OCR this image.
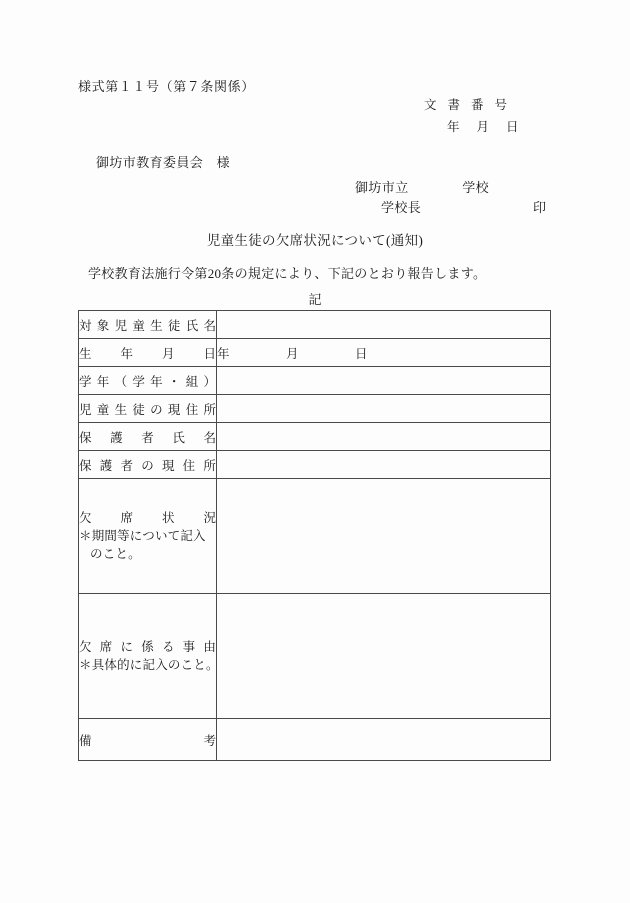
様式第１１号（第７条関係）
文書番号
年月日
御坊市教育委員会　様
御坊市立　　　　学校
学校長	印
児童生徒の欠席状況について(通知)
学校教育法施行令第20条の規定により、下記のとおり報告します。
記
対 象 児 童 生 徒 氏 名

生 年 月 日	年　月　日

学 年 （ 学 年 ・ 組 ）

児 童 生 徒 の 現 住 所

保 護 者 氏 名	

保 護 者 の 現 住 所

欠 席 状 況
＊期間等について記入
のこと。

欠 席 に 係 る 事 由
＊具体的に記入のこと。

備 考	
